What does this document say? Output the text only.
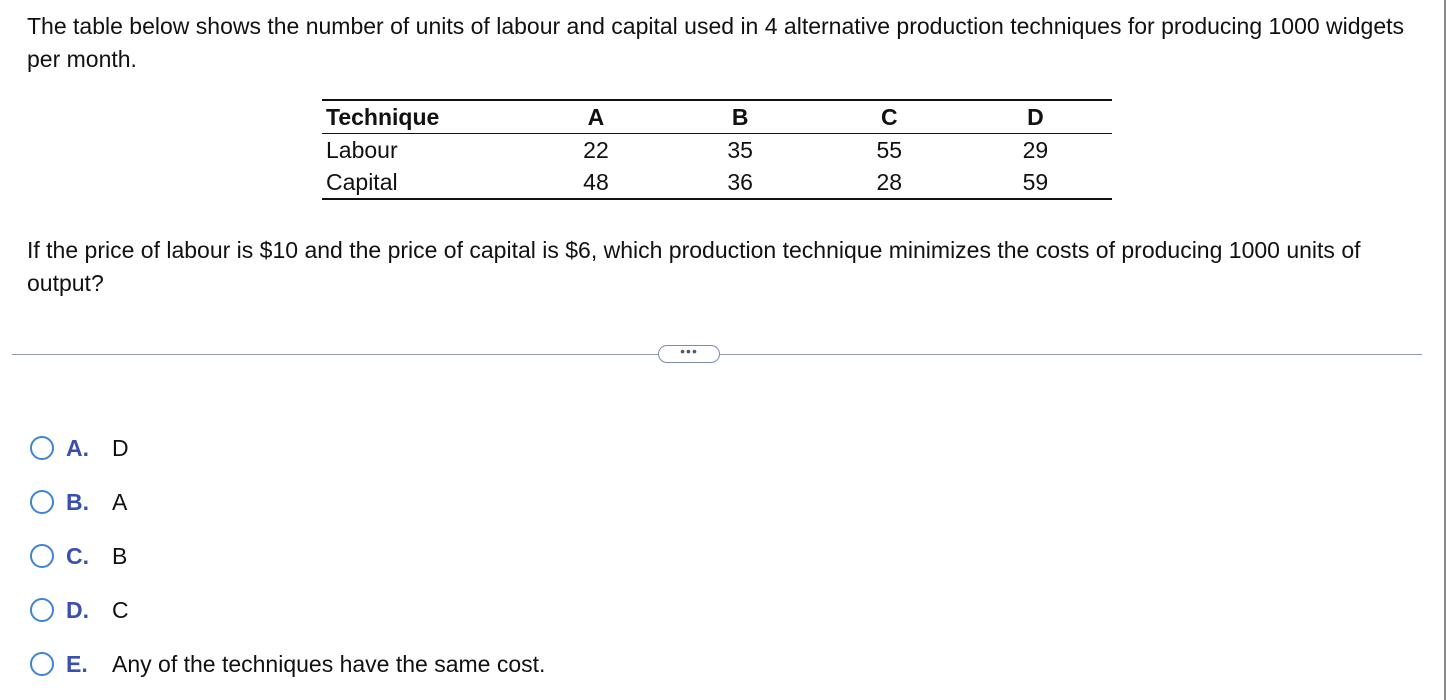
The table below shows the number of units of labour and capital used in 4 alternative production techniques for producing 1000 widgets per month.
Technique	A	B	C	D
Labour	22	35	55	29
Capital	48	36	28	59
If the price of labour is $10 and the price of capital is $6, which production technique minimizes the costs of producing 1000 units of output?
•••
A.	D
B.	A
C.	B
D.	C
E.	Any of the techniques have the same cost.
